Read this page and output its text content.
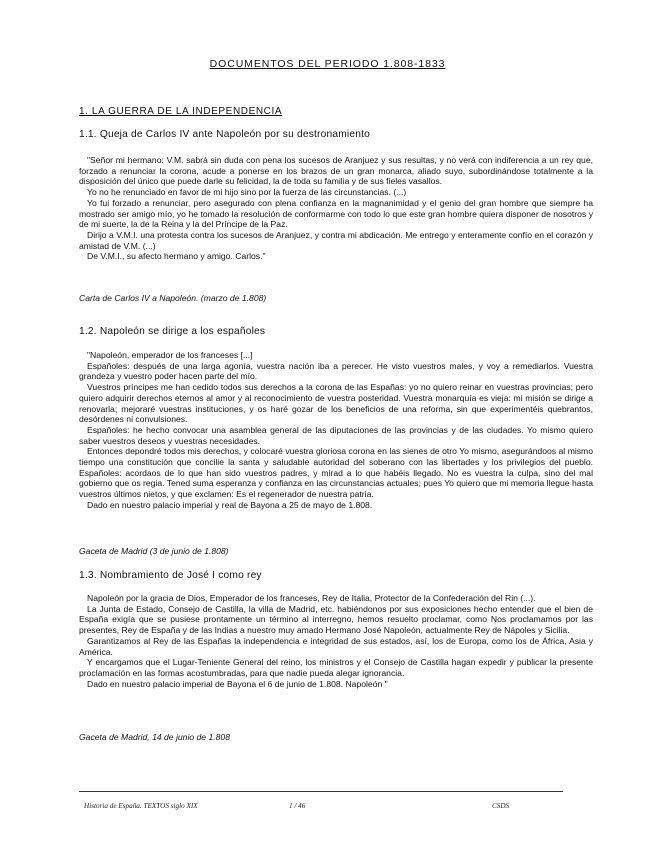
DOCUMENTOS DEL PERIODO 1.808-1833
1. LA GUERRA DE LA INDEPENDENCIA
1.1. Queja de Carlos IV ante Napoleón por su destronamiento

"Señor mi hermano: V.M. sabrá sin duda con pena los sucesos de Aranjuez y sus resultas, y no verá con indiferencia a un rey que, forzado a renunciar la corona, acude a ponerse en los brazos de un gran monarca, aliado suyo, subordinándose totalmente a la disposición del único que puede darle su felicidad, la de toda su familia y de sus fieles vasallos.

Yo no he renunciado en favor de mi hijo sino por la fuerza de las circunstancias. (...)

Yo fui forzado a renunciar, pero asegurado con plena confianza en la magnanimidad y el genio del gran hombre que siempre ha mostrado ser amigo mío, yo he tomado la resolución de conformarme con todo lo que este gran hombre quiera disponer de nosotros y de mi suerte, la de la Reina y la del Príncipe de la Paz.

Dirijo a V.M.I. una protesta contra los sucesos de Aranjuez, y contra mi abdicación. Me entrego y enteramente confío en el corazón y amistad de V.M. (...)

De V.M.I., su afecto hermano y amigo. Carlos."

Carta de Carlos IV a Napoleón. (marzo de 1.808)
1.2. Napoleón se dirige a los españoles

"Napoleón, emperador de los franceses [...]

Españoles: después de una larga agonía, vuestra nación iba a perecer. He visto vuestros males, y voy a remediarlos. Vuestra grandeza y vuestro poder hacen parte del mío.

Vuestros príncipes me han cedido todos sus derechos a la corona de las Españas: yo no quiero reinar en vuestras provincias; pero quiero adquirir derechos eternos al amor y al reconocimiento de vuestra posteridad. Vuestra monarquía es vieja: mi misión se dirige a renovarla; mejoraré vuestras instituciones, y os haré gozar de los beneficios de una reforma, sin que experimentéis quebrantos, desórdenes ni convulsiones.

Españoles: he hecho convocar una asamblea general de las diputaciones de las provincias y de las ciudades. Yo mismo quiero saber vuestros deseos y vuestras necesidades.

Entonces depondré todos mis derechos, y colocaré vuestra gloriosa corona en las sienes de otro Yo mismo, asegurándoos al mismo tiempo una constitución que concilie la santa y saludable autoridad del soberano con las libertades y los privilegios del pueblo. Españoles: acordaos de lo que han sido vuestros padres, y mirad a lo que habéis llegado. No es vuestra la culpa, sino del mal gobierno que os regia. Tened suma esperanza y confianza en las circunstancias actuales; pues Yo quiero que mi memoria llegue hasta vuestros últimos nietos, y que exclamen: Es el regenerador de nuestra patria.

Dado en nuestro palacio imperial y real de Bayona a 25 de mayo de 1.808.

Gaceta de Madrid (3 de junio de 1.808)
1.3. Nombramiento de José I como rey

Napoleón por la gracia de Dios, Emperador de los franceses, Rey de Italia, Protector de la Confederación del Rin (...).

La Junta de Estado, Consejo de Castilla, la villa de Madrid, etc. habiéndonos por sus exposiciones hecho entender que el bien de España exigía que se pusiese prontamente un término al interregno, hemos resuelto proclamar, como Nos proclamamos por las presentes, Rey de España y de las Indias a nuestro muy amado Hermano José Napoleón, actualmente Rey de Nápoles y Sicilia.

Garantizamos al Rey de las Españas la independencia e integridad de sus estados, así, los de Europa, como los de África, Asia y América.

Y encargamos que el Lugar-Teniente General del reino, los ministros y el Consejo de Castilla hagan expedir y publicar la presente proclamación en las formas acostumbradas, para que nadie pueda alegar ignorancia.

Dado en nuestro palacio imperial de Bayona el 6 de junio de 1.808. Napoleón "

Gaceta de Madrid, 14 de junio de 1.808
Historia de España. TEXTOS siglo XIX	1 / 46	CSDS
